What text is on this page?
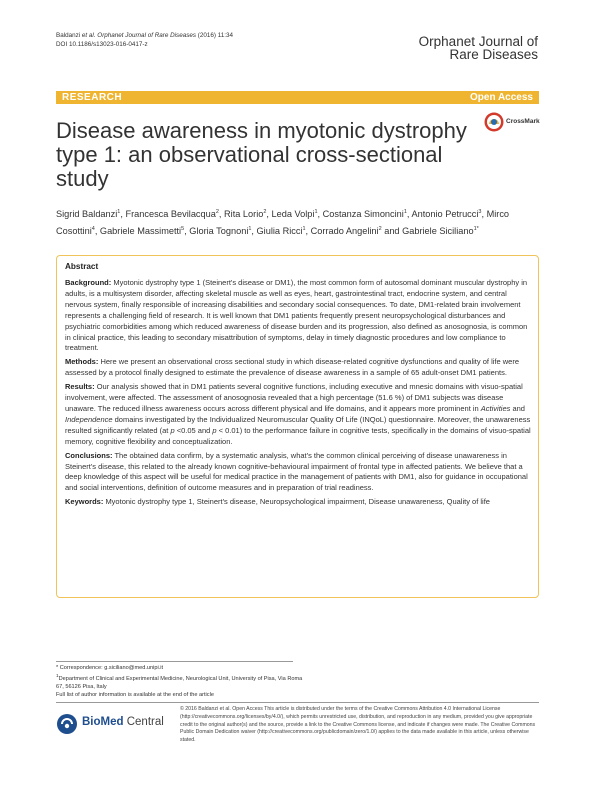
Baldanzi et al. Orphanet Journal of Rare Diseases (2016) 11:34
DOI 10.1186/s13023-016-0417-z	Orphanet Journal of
Rare Diseases
RESEARCH	Open Access
Disease awareness in myotonic dystrophy type 1: an observational cross-sectional study
CrossMark
Sigrid Baldanzi$^1$, Francesca Bevilacqua$^2$, Rita Lorio$^2$, Leda Volpi$^1$, Costanza Simoncini$^1$, Antonio Petrucci$^3$, Mirco Cosottini$^4$, Gabriele Massimetti$^5$, Gloria Tognoni$^1$, Giulia Ricci$^1$, Corrado Angelini$^2$ and Gabriele Siciliano$^{1*}$
Abstract

Background: Myotonic dystrophy type 1 (Steinert's disease or DM1), the most common form of autosomal dominant muscular dystrophy in adults, is a multisystem disorder, affecting skeletal muscle as well as eyes, heart, gastrointestinal tract, endocrine system, and central nervous system, finally responsible of increasing disabilities and secondary social consequences. To date, DM1-related brain involvement represents a challenging field of research. It is well known that DM1 patients frequently present neuropsychological disturbances and psychiatric comorbidities among which reduced awareness of disease burden and its progression, also defined as anosognosia, is common in clinical practice, this leading to secondary misattribution of symptoms, delay in timely diagnostic procedures and low compliance to treatment.

Methods: Here we present an observational cross sectional study in which disease-related cognitive dysfunctions and quality of life were assessed by a protocol finally designed to estimate the prevalence of disease awareness in a sample of 65 adult-onset DM1 patients.

Results: Our analysis showed that in DM1 patients several cognitive functions, including executive and mnesic domains with visuo-spatial involvement, were affected. The assessment of anosognosia revealed that a high percentage (51.6 %) of DM1 subjects was disease unaware. The reduced illness awareness occurs across different physical and life domains, and it appears more prominent in Activities and Independence domains investigated by the Individualized Neuromuscular Quality Of Life (INQoL) questionnaire. Moreover, the unawareness resulted significantly related (at p <0.05 and p < 0.01) to the performance failure in cognitive tests, specifically in the domains of visuo-spatial memory, cognitive flexibility and conceptualization.

Conclusions: The obtained data confirm, by a systematic analysis, what's the common clinical perceiving of disease unawareness in Steinert's disease, this related to the already known cognitive-behavioural impairment of frontal type in affected patients. We believe that a deep knowledge of this aspect will be useful for medical practice in the management of patients with DM1, also for guidance in occupational and social interventions, definition of outcome measures and in preparation of trial readiness.

Keywords: Myotonic dystrophy type 1, Steinert's disease, Neuropsychological impairment, Disease unawareness, Quality of life

* Correspondence: g.siciliano@med.unipi.it
$^1$Department of Clinical and Experimental Medicine, Neurological Unit, University of Pisa, Via Roma 67, 56126 Pisa, Italy
Full list of author information is available at the end of the article
BioMed Central
© 2016 Baldanzi et al. Open Access This article is distributed under the terms of the Creative Commons Attribution 4.0 International License (http://creativecommons.org/licenses/by/4.0/), which permits unrestricted use, distribution, and reproduction in any medium, provided you give appropriate credit to the original author(s) and the source, provide a link to the Creative Commons license, and indicate if changes were made. The Creative Commons Public Domain Dedication waiver (http://creativecommons.org/publicdomain/zero/1.0/) applies to the data made available in this article, unless otherwise stated.
